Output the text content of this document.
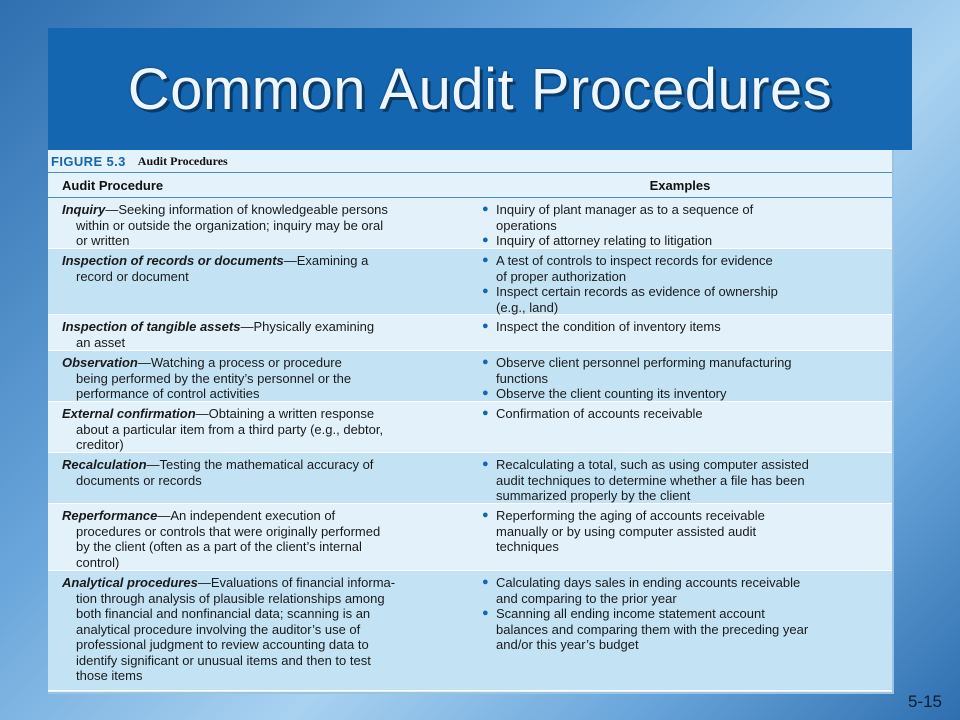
Common Audit Procedures
FIGURE 5.3 Audit Procedures
Audit Procedure	Examples
Inquiry—Seeking information of knowledgeable persons
within or outside the organization; inquiry may be oral
or written
● Inquiry of plant manager as to a sequence of
operations
● Inquiry of attorney relating to litigation
Inspection of records or documents—Examining a
record or document
● A test of controls to inspect records for evidence
of proper authorization
● Inspect certain records as evidence of ownership
(e.g., land)
Inspection of tangible assets—Physically examining
an asset
● Inspect the condition of inventory items
Observation—Watching a process or procedure
being performed by the entity’s personnel or the
performance of control activities
● Observe client personnel performing manufacturing
functions
● Observe the client counting its inventory
External confirmation—Obtaining a written response
about a particular item from a third party (e.g., debtor,
creditor)
● Confirmation of accounts receivable
Recalculation—Testing the mathematical accuracy of
documents or records
● Recalculating a total, such as using computer assisted
audit techniques to determine whether a file has been
summarized properly by the client
Reperformance—An independent execution of
procedures or controls that were originally performed
by the client (often as a part of the client’s internal
control)
● Reperforming the aging of accounts receivable
manually or by using computer assisted audit
techniques
Analytical procedures—Evaluations of financial informa-
tion through analysis of plausible relationships among
both financial and nonfinancial data; scanning is an
analytical procedure involving the auditor’s use of
professional judgment to review accounting data to
identify significant or unusual items and then to test
those items
● Calculating days sales in ending accounts receivable
and comparing to the prior year
● Scanning all ending income statement account
balances and comparing them with the preceding year
and/or this year’s budget
5-15
